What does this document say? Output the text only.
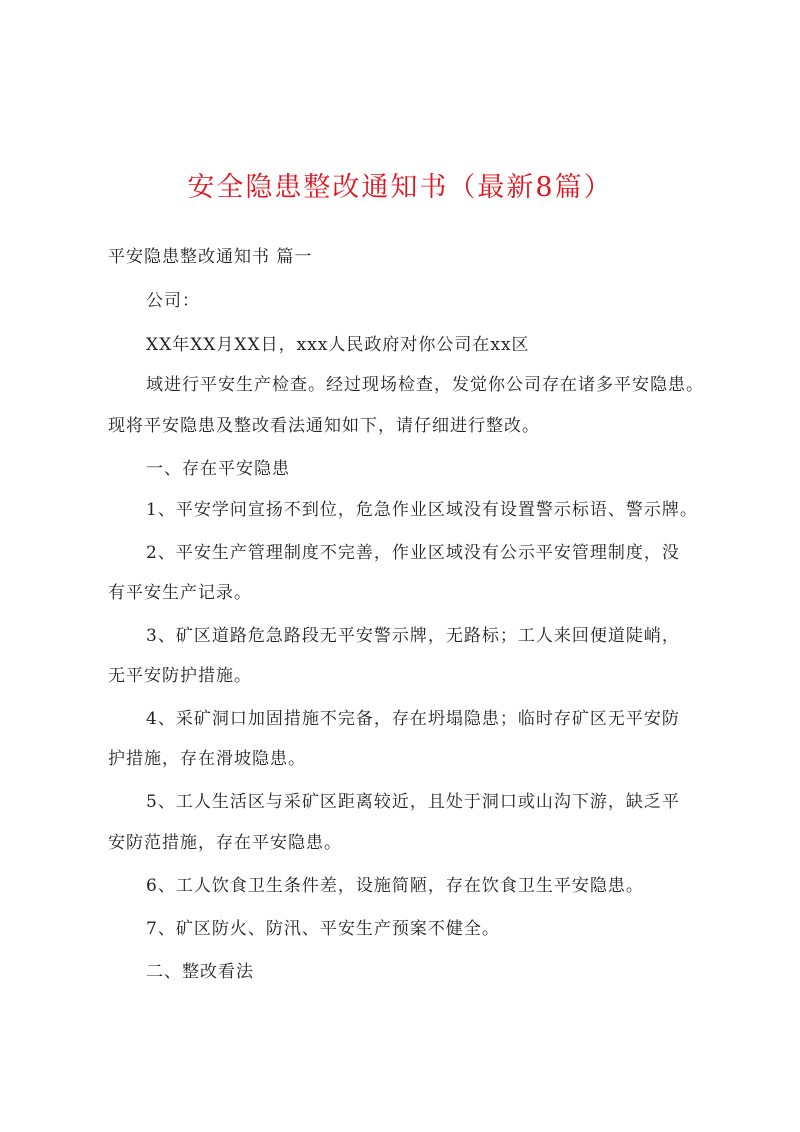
安全隐患整改通知书（最新8篇）
平安隐患整改通知书 篇一
公司：
XX年XX月XX日，xxx人民政府对你公司在xx区
域进行平安生产检查。经过现场检查，发觉你公司存在诸多平安隐患。
现将平安隐患及整改看法通知如下，请仔细进行整改。
一、存在平安隐患
1、平安学问宣扬不到位，危急作业区域没有设置警示标语、警示牌。
2、平安生产管理制度不完善，作业区域没有公示平安管理制度，没
有平安生产记录。
3、矿区道路危急路段无平安警示牌，无路标；工人来回便道陡峭，
无平安防护措施。
4、采矿洞口加固措施不完备，存在坍塌隐患；临时存矿区无平安防
护措施，存在滑坡隐患。
5、工人生活区与采矿区距离较近，且处于洞口或山沟下游，缺乏平
安防范措施，存在平安隐患。
6、工人饮食卫生条件差，设施简陋，存在饮食卫生平安隐患。
7、矿区防火、防汛、平安生产预案不健全。
二、整改看法
